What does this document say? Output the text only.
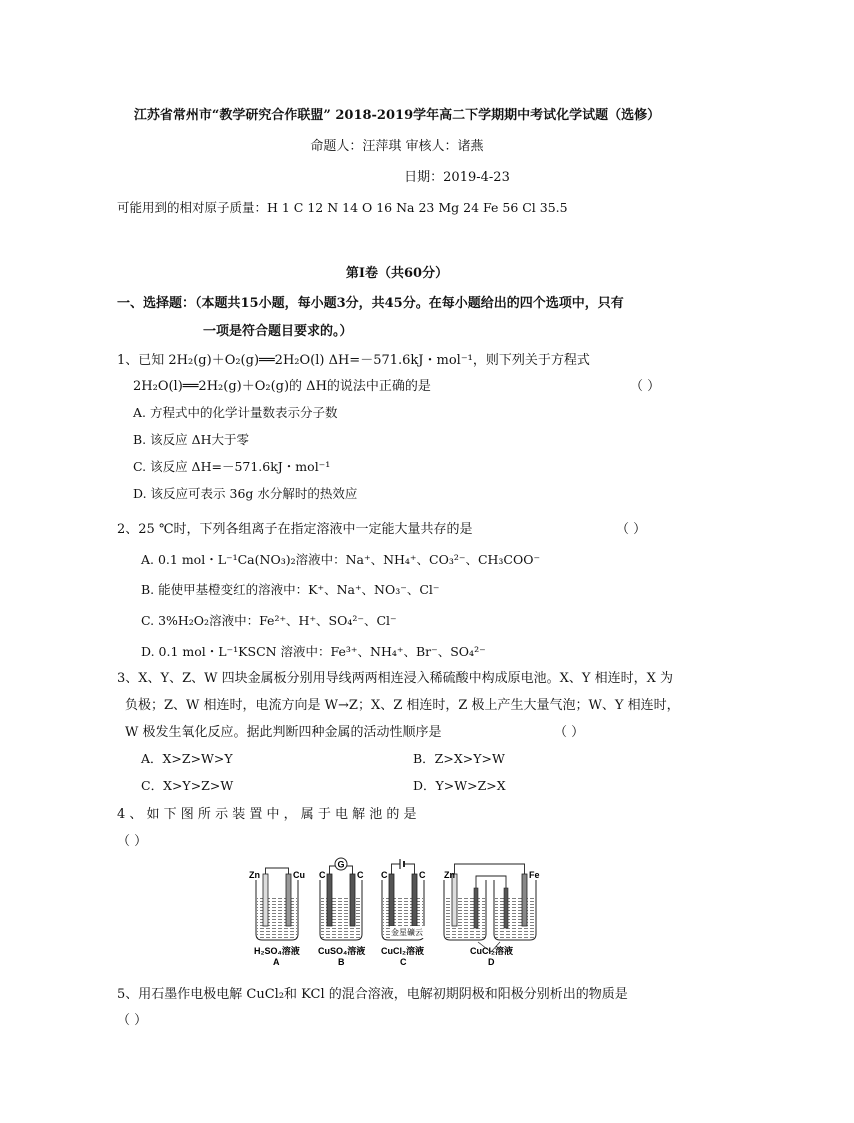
江苏省常州市“教学研究合作联盟” 2018-2019学年高二下学期期中考试化学试题（选修）
命题人：汪萍琪 审核人：诸燕
日期：2019-4-23
可能用到的相对原子质量：H 1 C 12 N 14 O 16 Na 23 Mg 24 Fe 56 Cl 35.5
第Ⅰ卷（共60分）
一、选择题：（本题共15小题，每小题3分，共45分。在每小题给出的四个选项中，只有
一项是符合题目要求的。）
1、已知 2H₂(g)＋O₂(g)══2H₂O(l) ΔH=－571.6kJ・mol⁻¹，则下列关于方程式
2H₂O(l)══2H₂(g)＋O₂(g)的 ΔH的说法中正确的是	（ ）
A. 方程式中的化学计量数表示分子数
B. 该反应 ΔH大于零
C. 该反应 ΔH=－571.6kJ・mol⁻¹
D. 该反应可表示 36g 水分解时的热效应
2、25 ℃时，下列各组离子在指定溶液中一定能大量共存的是	（ ）
A. 0.1 mol・L⁻¹Ca(NO₃)₂溶液中：Na⁺、NH₄⁺、CO₃²⁻、CH₃COO⁻
B. 能使甲基橙变红的溶液中：K⁺、Na⁺、NO₃⁻、Cl⁻
C. 3%H₂O₂溶液中：Fe²⁺、H⁺、SO₄²⁻、Cl⁻
D. 0.1 mol・L⁻¹KSCN 溶液中：Fe³⁺、NH₄⁺、Br⁻、SO₄²⁻
3、X、Y、Z、W 四块金属板分别用导线两两相连浸入稀硫酸中构成原电池。X、Y 相连时，X 为
负极；Z、W 相连时，电流方向是 W→Z；X、Z 相连时，Z 极上产生大量气泡；W、Y 相连时，
W 极发生氧化反应。据此判断四种金属的活动性顺序是	（ ）
A．X>Z>W>Y	B．Z>X>Y>W
C．X>Y>Z>W	D．Y>W>Z>X
4 、 如 下 图 所 示 装 置 中 ， 属 于 电 解 池 的 是
（ ）
Zn	Cu
H₂SO₄溶液
A
G
C	C
CuSO₄溶液
B
C	C
金星礦云
CuCl₂溶液
C
Zn	Fe
CuCl₂溶液
D
5、用石墨作电极电解 CuCl₂和 KCl 的混合溶液，电解初期阴极和阳极分别析出的物质是
（ ）
